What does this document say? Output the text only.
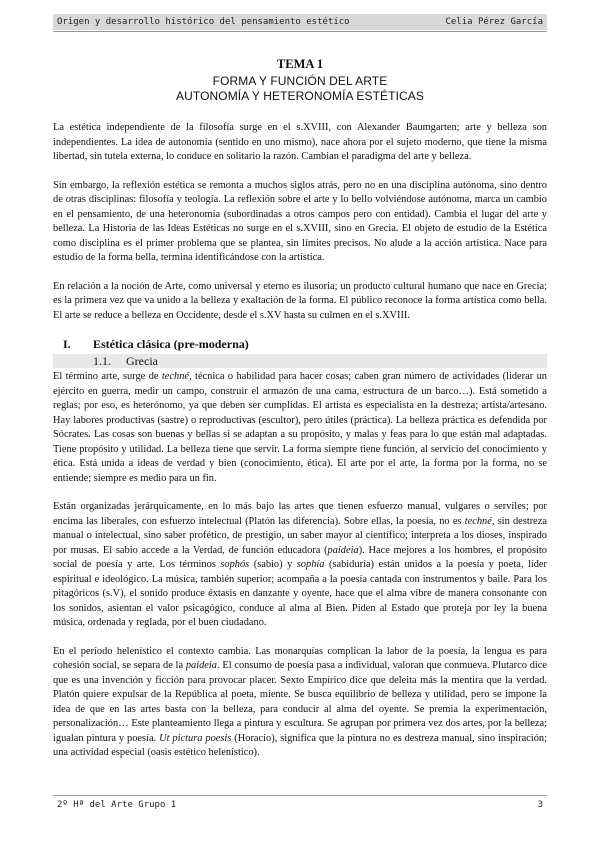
Origen y desarrollo histórico del pensamiento estético	Celia Pérez García
TEMA 1
FORMA Y FUNCIÓN DEL ARTE
AUTONOMÍA Y HETERONOMÍA ESTÉTICAS

La estética independiente de la filosofía surge en el s.XVIII, con Alexander Baumgarten; arte y belleza son independientes. La idea de autonomía (sentido en uno mismo), nace ahora por el sujeto moderno, que tiene la misma libertad, sin tutela externa, lo conduce en solitario la razón. Cambian el paradigma del arte y belleza.

Sin embargo, la reflexión estética se remonta a muchos siglos atrás, pero no en una disciplina autónoma, sino dentro de otras disciplinas: filosofía y teología. La reflexión sobre el arte y lo bello volviéndose autónoma, marca un cambio en el pensamiento, de una heteronomía (subordinadas a otros campos pero con entidad). Cambia el lugar del arte y belleza. La Historia de las Ideas Estéticas no surge en el s.XVIII, sino en Grecia. El objeto de estudio de la Estética como disciplina es el primer problema que se plantea, sin límites precisos. No alude a la acción artística. Nace para estudio de la forma bella, termina identificándose con la artística.

En relación a la noción de Arte, como universal y eterno es ilusoria; un producto cultural humano que nace en Grecia; es la primera vez que va unido a la belleza y exaltación de la forma. El público reconoce la forma artística como bella. El arte se reduce a belleza en Occidente, desde el s.XV hasta su culmen en el s.XVIII.

I.	Estética clásica (pre-moderna)
1.1.	Grecia

El término arte, surge de techné, técnica o habilidad para hacer cosas; caben gran número de actividades (liderar un ejército en guerra, medir un campo, construir el armazón de una cama, estructura de un barco…). Está sometido a reglas; por eso, es heterónomo, ya que deben ser cumplidas. El artista es especialista en la destreza; artista/artesano. Hay labores productivas (sastre) o reproductivas (escultor), pero útiles (práctica). La belleza práctica es defendida por Sócrates. Las cosas son buenas y bellas si se adaptan a su propósito, y malas y feas para lo que están mal adaptadas. Tiene propósito y utilidad. La belleza tiene que servir. La forma siempre tiene función, al servicio del conocimiento y ética. Está unida a ideas de verdad y bien (conocimiento, ética). El arte por el arte, la forma por la forma, no se entiende; siempre es medio para un fin.

Están organizadas jerárquicamente, en lo más bajo las artes que tienen esfuerzo manual, vulgares o serviles; por encima las liberales, con esfuerzo intelectual (Platón las diferencia). Sobre ellas, la poesía, no es techné, sin destreza manual o intelectual, sino saber profético, de prestigio, un saber mayor al científico; interpreta a los dioses, inspirado por musas. El sabio accede a la Verdad, de función educadora (paideia). Hace mejores a los hombres, el propósito social de poesía y arte. Los términos sophós (sabio) y sophía (sabiduría) están unidos a la poesía y poeta, líder espiritual e ideológico. La música, también superior; acompaña a la poesía cantada con instrumentos y baile. Para los pitagóricos (s.V), el sonido produce éxtasis en danzante y oyente, hace que el alma vibre de manera consonante con los sonidos, asientan el valor psicagógico, conduce al alma al Bien. Piden al Estado que proteja por ley la buena música, ordenada y reglada, por el buen ciudadano.

En el período helenístico el contexto cambia. Las monarquías complican la labor de la poesía, la lengua es para cohesión social, se separa de la paideia. El consumo de poesía pasa a individual, valoran que conmueva. Plutarco dice que es una invención y ficción para provocar placer. Sexto Empírico dice que deleita más la mentira que la verdad. Platón quiere expulsar de la República al poeta, miente. Se busca equilibrio de belleza y utilidad, pero se impone la idea de que en las artes basta con la belleza, para conducir al alma del oyente. Se premia la experimentación, personalización… Este planteamiento llega a pintura y escultura. Se agrupan por primera vez dos artes, por la belleza; igualan pintura y poesía. Ut pictura poesis (Horacio), significa que la pintura no es destreza manual, sino inspiración; una actividad especial (oasis estético helenístico).

2º Hª del Arte Grupo 1	3
